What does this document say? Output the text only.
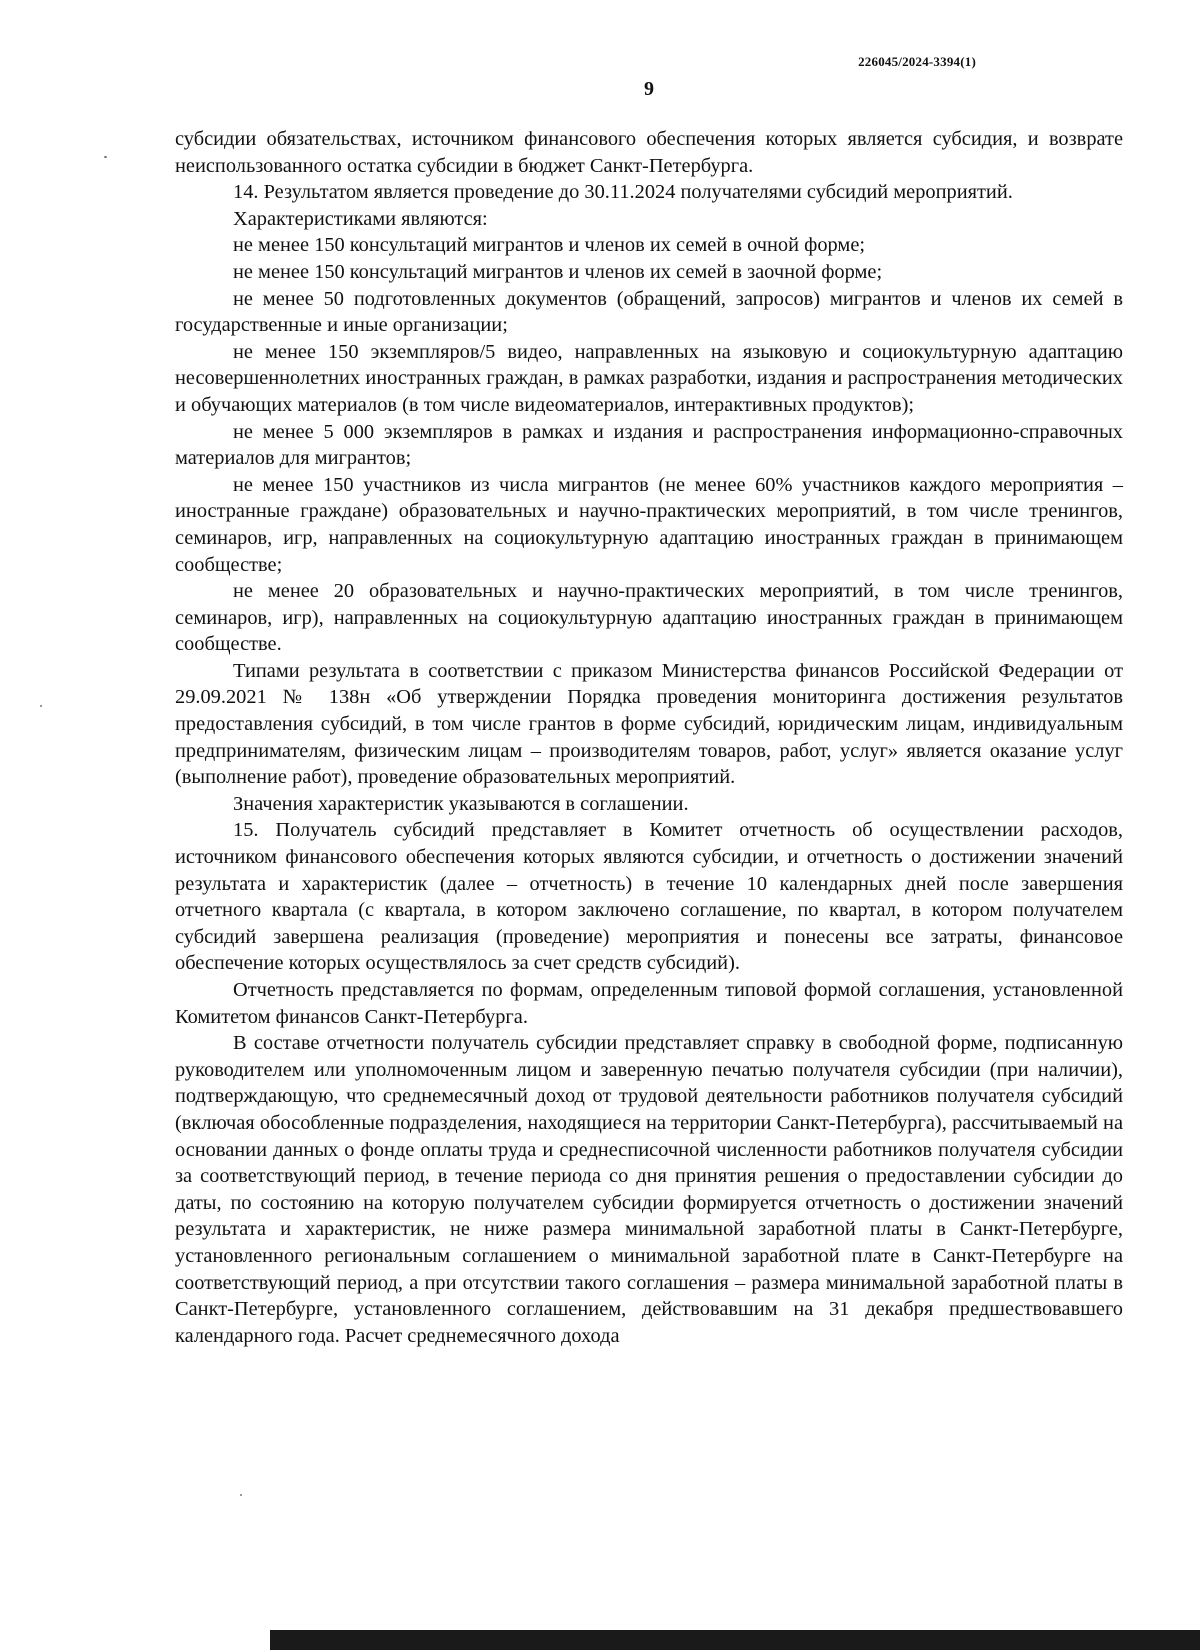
226045/2024-3394(1)
9

субсидии обязательствах, источником финансового обеспечения которых является субсидия, и возврате неиспользованного остатка субсидии в бюджет Санкт-Петербурга.

14. Результатом является проведение до 30.11.2024 получателями субсидий мероприятий.

Характеристиками являются:

не менее 150 консультаций мигрантов и членов их семей в очной форме;

не менее 150 консультаций мигрантов и членов их семей в заочной форме;

не менее 50 подготовленных документов (обращений, запросов) мигрантов и членов их семей в государственные и иные организации;

не менее 150 экземпляров/5 видео, направленных на языковую и социокультурную адаптацию несовершеннолетних иностранных граждан, в рамках разработки, издания и распространения методических и обучающих материалов (в том числе видеоматериалов, интерактивных продуктов);

не менее 5 000 экземпляров в рамках и издания и распространения информационно-справочных материалов для мигрантов;

не менее 150 участников из числа мигрантов (не менее 60% участников каждого мероприятия – иностранные граждане) образовательных и научно-практических мероприятий, в том числе тренингов, семинаров, игр, направленных на социокультурную адаптацию иностранных граждан в принимающем сообществе;

не менее 20 образовательных и научно-практических мероприятий, в том числе тренингов, семинаров, игр), направленных на социокультурную адаптацию иностранных граждан в принимающем сообществе.

Типами результата в соответствии с приказом Министерства финансов Российской Федерации от 29.09.2021 № 138н «Об утверждении Порядка проведения мониторинга достижения результатов предоставления субсидий, в том числе грантов в форме субсидий, юридическим лицам, индивидуальным предпринимателям, физическим лицам – производителям товаров, работ, услуг» является оказание услуг (выполнение работ), проведение образовательных мероприятий.

Значения характеристик указываются в соглашении.

15. Получатель субсидий представляет в Комитет отчетность об осуществлении расходов, источником финансового обеспечения которых являются субсидии, и отчетность о достижении значений результата и характеристик (далее – отчетность) в течение 10 календарных дней после завершения отчетного квартала (с квартала, в котором заключено соглашение, по квартал, в котором получателем субсидий завершена реализация (проведение) мероприятия и понесены все затраты, финансовое обеспечение которых осуществлялось за счет средств субсидий).

Отчетность представляется по формам, определенным типовой формой соглашения, установленной Комитетом финансов Санкт-Петербурга.

В составе отчетности получатель субсидии представляет справку в свободной форме, подписанную руководителем или уполномоченным лицом и заверенную печатью получателя субсидии (при наличии), подтверждающую, что среднемесячный доход от трудовой деятельности работников получателя субсидий (включая обособленные подразделения, находящиеся на территории Санкт-Петербурга), рассчитываемый на основании данных о фонде оплаты труда и среднесписочной численности работников получателя субсидии за соответствующий период, в течение периода со дня принятия решения о предоставлении субсидии до даты, по состоянию на которую получателем субсидии формируется отчетность о достижении значений результата и характеристик, не ниже размера минимальной заработной платы в Санкт-Петербурге, установленного региональным соглашением о минимальной заработной плате в Санкт-Петербурге на соответствующий период, а при отсутствии такого соглашения – размера минимальной заработной платы в Санкт-Петербурге, установленного соглашением, действовавшим на 31 декабря предшествовавшего календарного года. Расчет среднемесячного дохода
